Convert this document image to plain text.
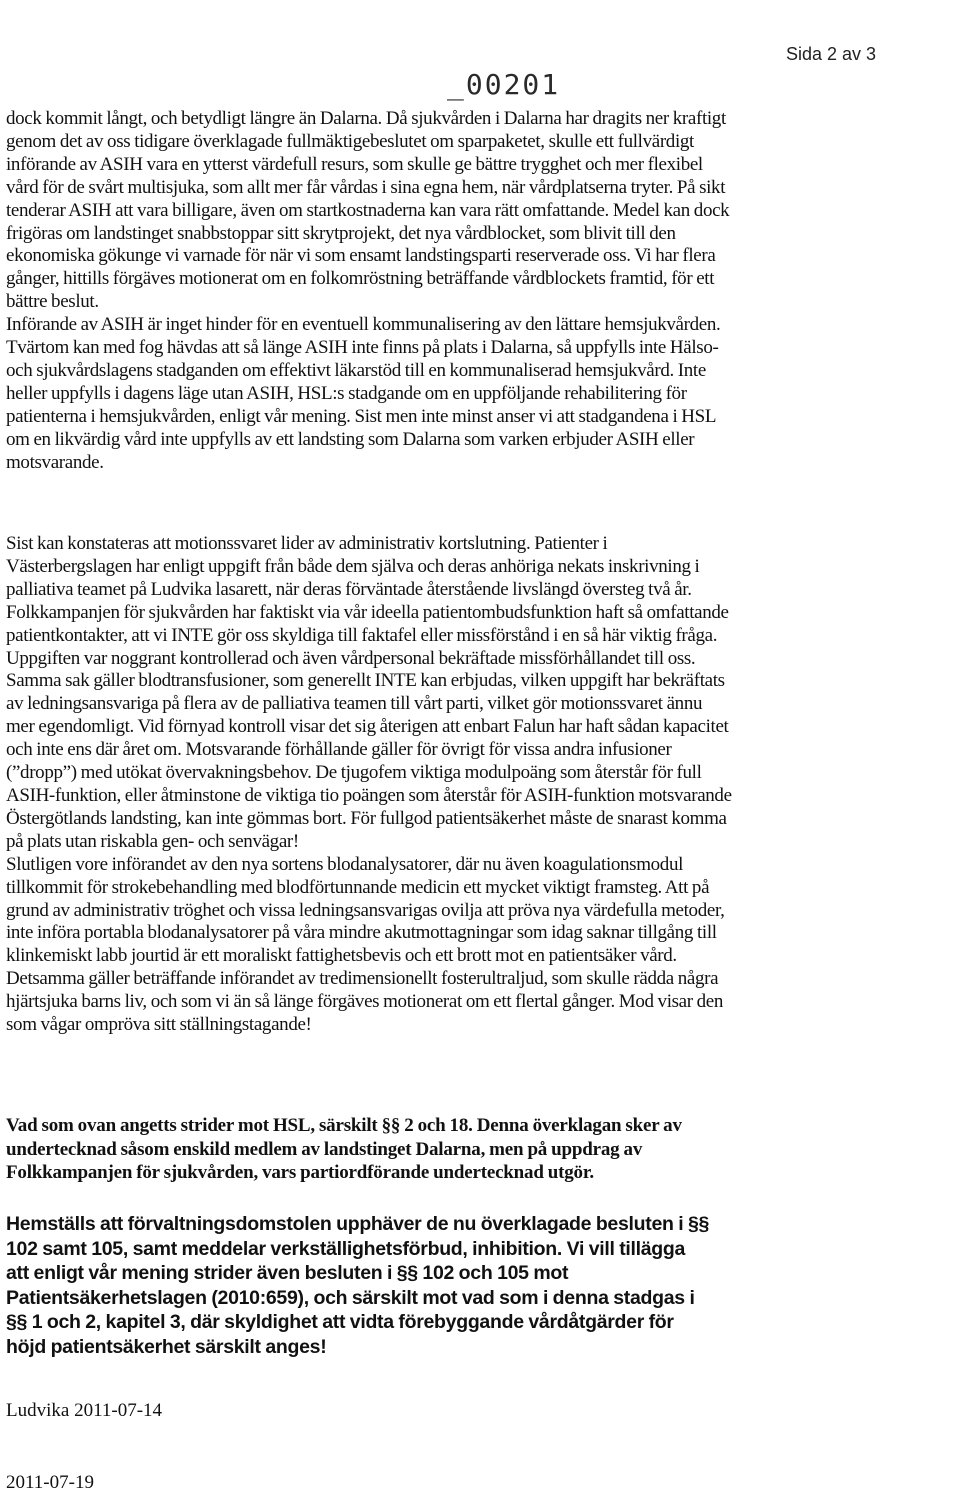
Sida 2 av 3
_00201

dock kommit långt, och betydligt längre än Dalarna. Då sjukvården i Dalarna har dragits ner kraftigt

genom det av oss tidigare överklagade fullmäktigebeslutet om sparpaketet, skulle ett fullvärdigt

införande av ASIH vara en ytterst värdefull resurs, som skulle ge bättre trygghet och mer flexibel

vård för de svårt multisjuka, som allt mer får vårdas i sina egna hem, när vårdplatserna tryter. På sikt

tenderar ASIH att vara billigare, även om startkostnaderna kan vara rätt omfattande. Medel kan dock

frigöras om landstinget snabbstoppar sitt skrytprojekt, det nya vårdblocket, som blivit till den

ekonomiska gökunge vi varnade för när vi som ensamt landstingsparti reserverade oss. Vi har flera

gånger, hittills förgäves motionerat om en folkomröstning beträffande vårdblockets framtid, för ett

bättre beslut.

Införande av ASIH är inget hinder för en eventuell kommunalisering av den lättare hemsjukvården.

Tvärtom kan med fog hävdas att så länge ASIH inte finns på plats i Dalarna, så uppfylls inte Hälso-

och sjukvårdslagens stadganden om effektivt läkarstöd till en kommunaliserad hemsjukvård. Inte

heller uppfylls i dagens läge utan ASIH, HSL:s stadgande om en uppföljande rehabilitering för

patienterna i hemsjukvården, enligt vår mening. Sist men inte minst anser vi att stadgandena i HSL

om en likvärdig vård inte uppfylls av ett landsting som Dalarna som varken erbjuder ASIH eller

motsvarande.

Sist kan konstateras att motionssvaret lider av administrativ kortslutning. Patienter i

Västerbergslagen har enligt uppgift från både dem själva och deras anhöriga nekats inskrivning i

palliativa teamet på Ludvika lasarett, när deras förväntade återstående livslängd översteg två år.

Folkkampanjen för sjukvården har faktiskt via vår ideella patientombudsfunktion haft så omfattande

patientkontakter, att vi INTE gör oss skyldiga till faktafel eller missförstånd i en så här viktig fråga.

Uppgiften var noggrant kontrollerad och även vårdpersonal bekräftade missförhållandet till oss.

Samma sak gäller blodtransfusioner, som generellt INTE kan erbjudas, vilken uppgift har bekräftats

av ledningsansvariga på flera av de palliativa teamen till vårt parti, vilket gör motionssvaret ännu

mer egendomligt. Vid förnyad kontroll visar det sig återigen att enbart Falun har haft sådan kapacitet

och inte ens där året om. Motsvarande förhållande gäller för övrigt för vissa andra infusioner

(”dropp”) med utökat övervakningsbehov. De tjugofem viktiga modulpoäng som återstår för full

ASIH-funktion, eller åtminstone de viktiga tio poängen som återstår för ASIH-funktion motsvarande

Östergötlands landsting, kan inte gömmas bort. För fullgod patientsäkerhet måste de snarast komma

på plats utan riskabla gen- och senvägar!

Slutligen vore införandet av den nya sortens blodanalysatorer, där nu även koagulationsmodul

tillkommit för strokebehandling med blodförtunnande medicin ett mycket viktigt framsteg. Att på

grund av administrativ tröghet och vissa ledningsansvarigas ovilja att pröva nya värdefulla metoder,

inte införa portabla blodanalysatorer på våra mindre akutmottagningar som idag saknar tillgång till

klinkemiskt labb jourtid är ett moraliskt fattighetsbevis och ett brott mot en patientsäker vård.

Detsamma gäller beträffande införandet av tredimensionellt fosterultraljud, som skulle rädda några

hjärtsjuka barns liv, och som vi än så länge förgäves motionerat om ett flertal gånger. Mod visar den

som vågar ompröva sitt ställningstagande!

Vad som ovan angetts strider mot HSL, särskilt §§ 2 och 18. Denna överklagan sker av

undertecknad såsom enskild medlem av landstinget Dalarna, men på uppdrag av

Folkkampanjen för sjukvården, vars partiordförande undertecknad utgör.

Hemställs att förvaltningsdomstolen upphäver de nu överklagade besluten i §§

102 samt 105, samt meddelar verkställighetsförbud, inhibition. Vi vill tillägga

att enligt vår mening strider även besluten i §§ 102 och 105 mot

Patientsäkerhetslagen (2010:659), och särskilt mot vad som i denna stadgas i

§§ 1 och 2, kapitel 3, där skyldighet att vidta förebyggande vårdåtgärder för

höjd patientsäkerhet särskilt anges!

Ludvika 2011-07-14
2011-07-19
